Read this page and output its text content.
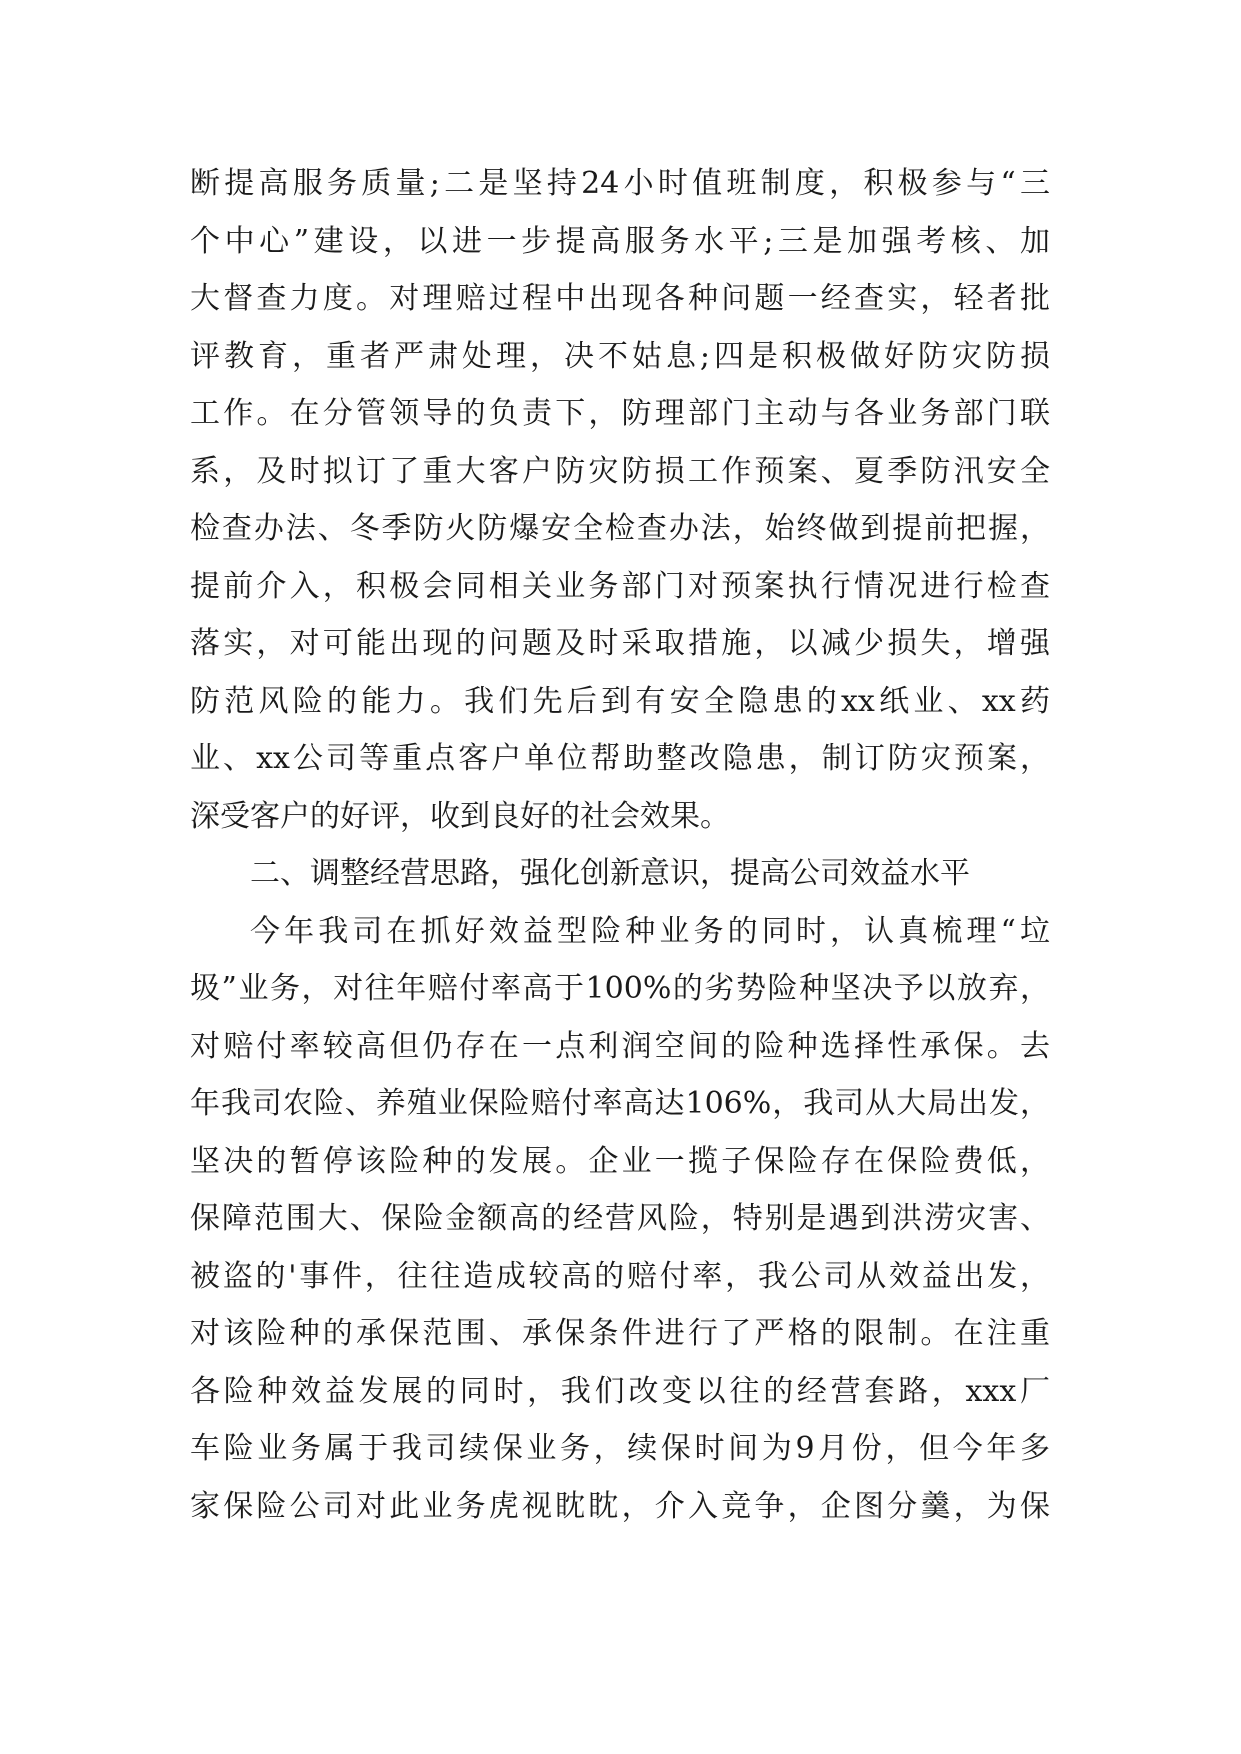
断提高服务质量;二是坚持24小时值班制度，积极参与“三
个中心”建设，以进一步提高服务水平;三是加强考核、加
大督查力度。对理赔过程中出现各种问题一经查实，轻者批
评教育，重者严肃处理，决不姑息;四是积极做好防灾防损
工作。在分管领导的负责下，防理部门主动与各业务部门联
系，及时拟订了重大客户防灾防损工作预案、夏季防汛安全
检查办法、冬季防火防爆安全检查办法，始终做到提前把握，
提前介入，积极会同相关业务部门对预案执行情况进行检查
落实，对可能出现的问题及时采取措施，以减少损失，增强
防范风险的能力。我们先后到有安全隐患的xx纸业、xx药
业、xx公司等重点客户单位帮助整改隐患，制订防灾预案，
深受客户的好评，收到良好的社会效果。
二、调整经营思路，强化创新意识，提高公司效益水平
今年我司在抓好效益型险种业务的同时，认真梳理“垃
圾”业务，对往年赔付率高于100%的劣势险种坚决予以放弃，
对赔付率较高但仍存在一点利润空间的险种选择性承保。去
年我司农险、养殖业保险赔付率高达106%，我司从大局出发，
坚决的暂停该险种的发展。企业一揽子保险存在保险费低，
保障范围大、保险金额高的经营风险，特别是遇到洪涝灾害、
被盗的'事件，往往造成较高的赔付率，我公司从效益出发，
对该险种的承保范围、承保条件进行了严格的限制。在注重
各险种效益发展的同时，我们改变以往的经营套路，xxx厂
车险业务属于我司续保业务，续保时间为9月份，但今年多
家保险公司对此业务虎视眈眈，介入竞争，企图分羹，为保
